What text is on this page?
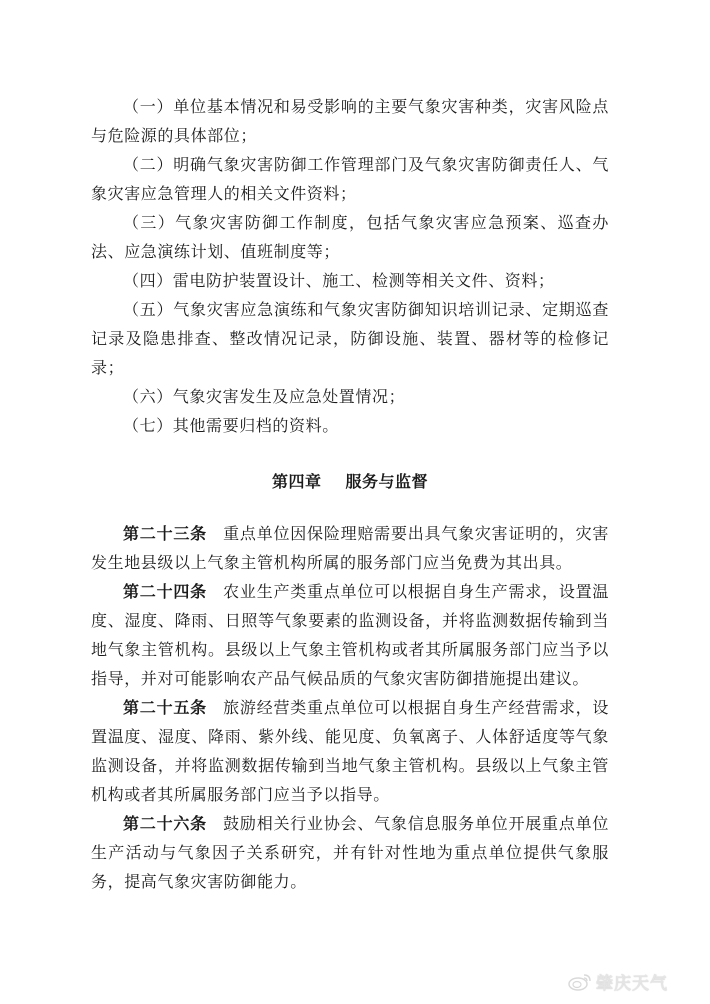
（一）单位基本情况和易受影响的主要气象灾害种类，灾害风险点与危险源的具体部位；

（二）明确气象灾害防御工作管理部门及气象灾害防御责任人、气象灾害应急管理人的相关文件资料；

（三）气象灾害防御工作制度，包括气象灾害应急预案、巡查办法、应急演练计划、值班制度等；

（四）雷电防护装置设计、施工、检测等相关文件、资料；

（五）气象灾害应急演练和气象灾害防御知识培训记录、定期巡查记录及隐患排查、整改情况记录，防御设施、装置、器材等的检修记录；

（六）气象灾害发生及应急处置情况；

（七）其他需要归档的资料。

第四章 服务与监督

第二十三条 重点单位因保险理赔需要出具气象灾害证明的，灾害发生地县级以上气象主管机构所属的服务部门应当免费为其出具。

第二十四条 农业生产类重点单位可以根据自身生产需求，设置温度、湿度、降雨、日照等气象要素的监测设备，并将监测数据传输到当地气象主管机构。县级以上气象主管机构或者其所属服务部门应当予以指导，并对可能影响农产品气候品质的气象灾害防御措施提出建议。

第二十五条 旅游经营类重点单位可以根据自身生产经营需求，设置温度、湿度、降雨、紫外线、能见度、负氧离子、人体舒适度等气象监测设备，并将监测数据传输到当地气象主管机构。县级以上气象主管机构或者其所属服务部门应当予以指导。

第二十六条 鼓励相关行业协会、气象信息服务单位开展重点单位生产活动与气象因子关系研究，并有针对性地为重点单位提供气象服务，提高气象灾害防御能力。

肇庆天气
